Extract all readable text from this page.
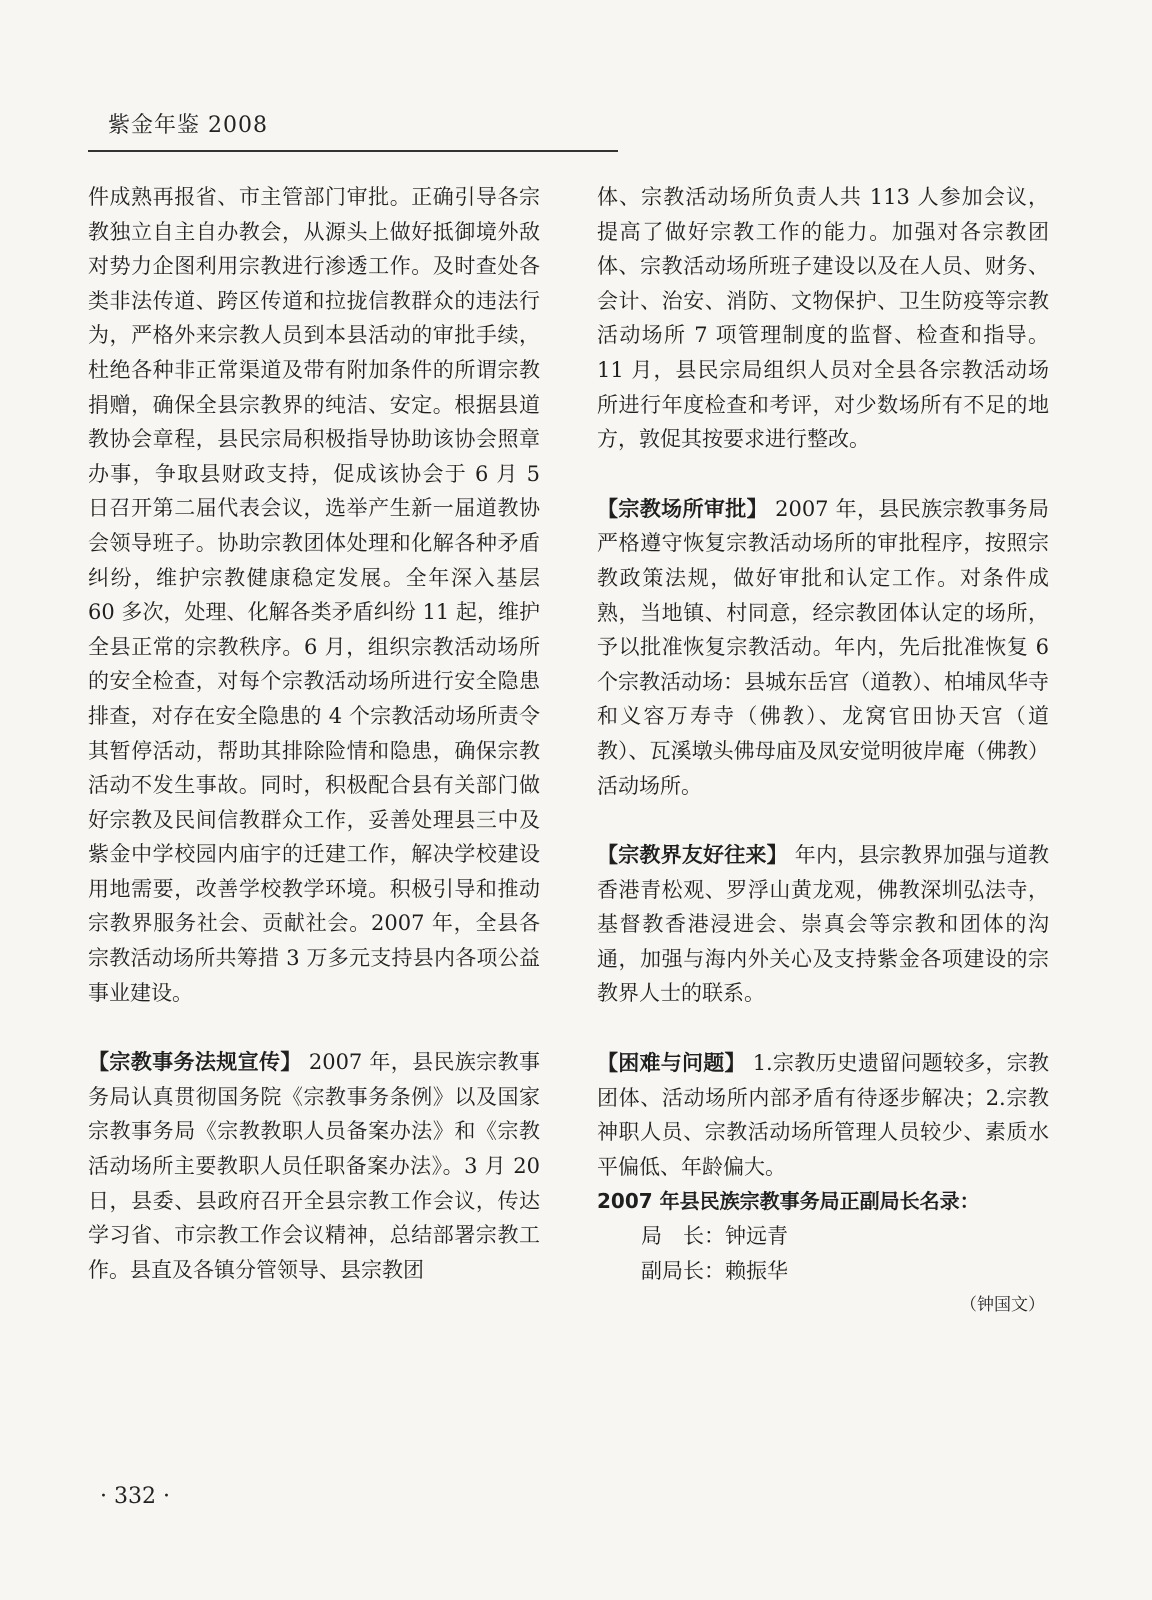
紫金年鉴 2008

件成熟再报省、市主管部门审批。正确引导各宗教独立自主自办教会，从源头上做好抵御境外敌对势力企图利用宗教进行渗透工作。及时查处各类非法传道、跨区传道和拉拢信教群众的违法行为，严格外来宗教人员到本县活动的审批手续，杜绝各种非正常渠道及带有附加条件的所谓宗教捐赠，确保全县宗教界的纯洁、安定。根据县道教协会章程，县民宗局积极指导协助该协会照章办事，争取县财政支持，促成该协会于 6 月 5 日召开第二届代表会议，选举产生新一届道教协会领导班子。协助宗教团体处理和化解各种矛盾纠纷，维护宗教健康稳定发展。全年深入基层 60 多次，处理、化解各类矛盾纠纷 11 起，维护全县正常的宗教秩序。6 月，组织宗教活动场所的安全检查，对每个宗教活动场所进行安全隐患排查，对存在安全隐患的 4 个宗教活动场所责令其暂停活动，帮助其排除险情和隐患，确保宗教活动不发生事故。同时，积极配合县有关部门做好宗教及民间信教群众工作，妥善处理县三中及紫金中学校园内庙宇的迁建工作，解决学校建设用地需要，改善学校教学环境。积极引导和推动宗教界服务社会、贡献社会。2007 年，全县各宗教活动场所共筹措 3 万多元支持县内各项公益事业建设。

【宗教事务法规宣传】 2007 年，县民族宗教事务局认真贯彻国务院《宗教事务条例》以及国家宗教事务局《宗教教职人员备案办法》和《宗教活动场所主要教职人员任职备案办法》。3 月 20 日，县委、县政府召开全县宗教工作会议，传达学习省、市宗教工作会议精神，总结部署宗教工作。县直及各镇分管领导、县宗教团

体、宗教活动场所负责人共 113 人参加会议，提高了做好宗教工作的能力。加强对各宗教团体、宗教活动场所班子建设以及在人员、财务、会计、治安、消防、文物保护、卫生防疫等宗教活动场所 7 项管理制度的监督、检查和指导。11 月，县民宗局组织人员对全县各宗教活动场所进行年度检查和考评，对少数场所有不足的地方，敦促其按要求进行整改。

【宗教场所审批】 2007 年，县民族宗教事务局严格遵守恢复宗教活动场所的审批程序，按照宗教政策法规，做好审批和认定工作。对条件成熟，当地镇、村同意，经宗教团体认定的场所，予以批准恢复宗教活动。年内，先后批准恢复 6 个宗教活动场：县城东岳宫（道教）、柏埔凤华寺和义容万寿寺（佛教）、龙窝官田协天宫（道教）、瓦溪墩头佛母庙及凤安觉明彼岸庵（佛教）活动场所。

【宗教界友好往来】 年内，县宗教界加强与道教香港青松观、罗浮山黄龙观，佛教深圳弘法寺，基督教香港浸进会、崇真会等宗教和团体的沟通，加强与海内外关心及支持紫金各项建设的宗教界人士的联系。

【困难与问题】 1.宗教历史遗留问题较多，宗教团体、活动场所内部矛盾有待逐步解决；2.宗教神职人员、宗教活动场所管理人员较少、素质水平偏低、年龄偏大。

2007 年县民族宗教事务局正副局长名录：

局　长：钟远青

副局长：赖振华

（钟国文）

· 332 ·
